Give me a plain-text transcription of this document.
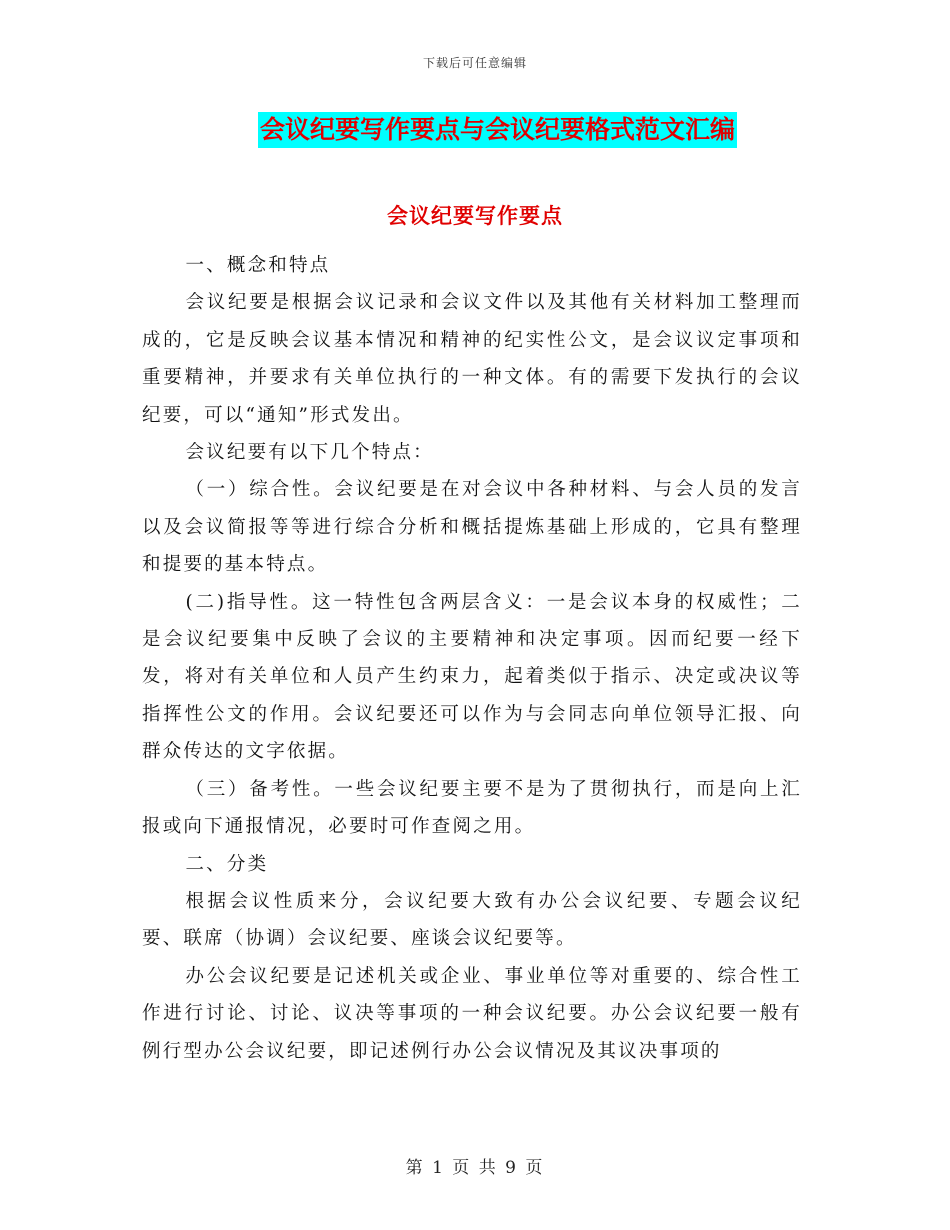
下载后可任意编辑
会议纪要写作要点与会议纪要格式范文汇编
会议纪要写作要点

一、概念和特点

会议纪要是根据会议记录和会议文件以及其他有关材料加工整理而成的，它是反映会议基本情况和精神的纪实性公文，是会议议定事项和重要精神，并要求有关单位执行的一种文体。有的需要下发执行的会议纪要，可以“通知”形式发出。

会议纪要有以下几个特点：

（一）综合性。会议纪要是在对会议中各种材料、与会人员的发言以及会议简报等等进行综合分析和概括提炼基础上形成的，它具有整理和提要的基本特点。

(二)指导性。这一特性包含两层含义：一是会议本身的权威性；二是会议纪要集中反映了会议的主要精神和决定事项。因而纪要一经下发，将对有关单位和人员产生约束力，起着类似于指示、决定或决议等指挥性公文的作用。会议纪要还可以作为与会同志向单位领导汇报、向群众传达的文字依据。

（三）备考性。一些会议纪要主要不是为了贯彻执行，而是向上汇报或向下通报情况，必要时可作查阅之用。

二、分类

根据会议性质来分，会议纪要大致有办公会议纪要、专题会议纪要、联席（协调）会议纪要、座谈会议纪要等。

办公会议纪要是记述机关或企业、事业单位等对重要的、综合性工作进行讨论、讨论、议决等事项的一种会议纪要。办公会议纪要一般有例行型办公会议纪要，即记述例行办公会议情况及其议决事项的

第 1 页 共 9 页
